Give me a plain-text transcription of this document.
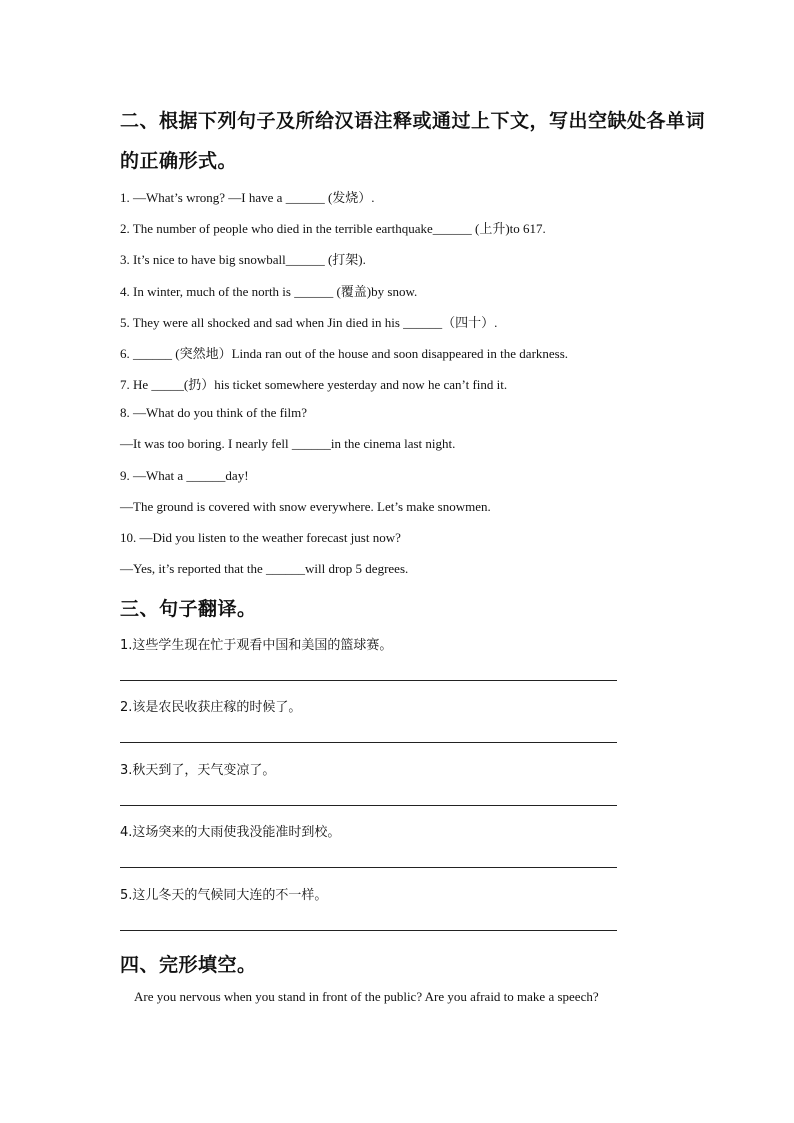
二、根据下列句子及所给汉语注释或通过上下文，写出空缺处各单词
的正确形式。
1. —What’s wrong? —I have a ______ (发烧）.
2. The number of people who died in the terrible earthquake______ (上升)to 617.
3. It’s nice to have big snowball______ (打架).
4. In winter, much of the north is ______ (覆盖)by snow.
5. They were all shocked and sad when Jin died in his ______（四十）.
6. ______ (突然地）Linda ran out of the house and soon disappeared in the darkness.
7. He _____(扔）his ticket somewhere yesterday and now he can’t find it.
8. —What do you think of the film?
—It was too boring. I nearly fell ______in the cinema last night.
9. —What a ______day!
—The ground is covered with snow everywhere. Let’s make snowmen.
10. —Did you listen to the weather forecast just now?
—Yes, it’s reported that the ______will drop 5 degrees.
三、句子翻译。
1.这些学生现在忙于观看中国和美国的篮球赛。
2.该是农民收获庄稼的时候了。
3.秋天到了，天气变凉了。
4.这场突来的大雨使我没能准时到校。
5.这儿冬天的气候同大连的不一样。
四、完形填空。
Are you nervous when you stand in front of the public? Are you afraid to make a speech?
